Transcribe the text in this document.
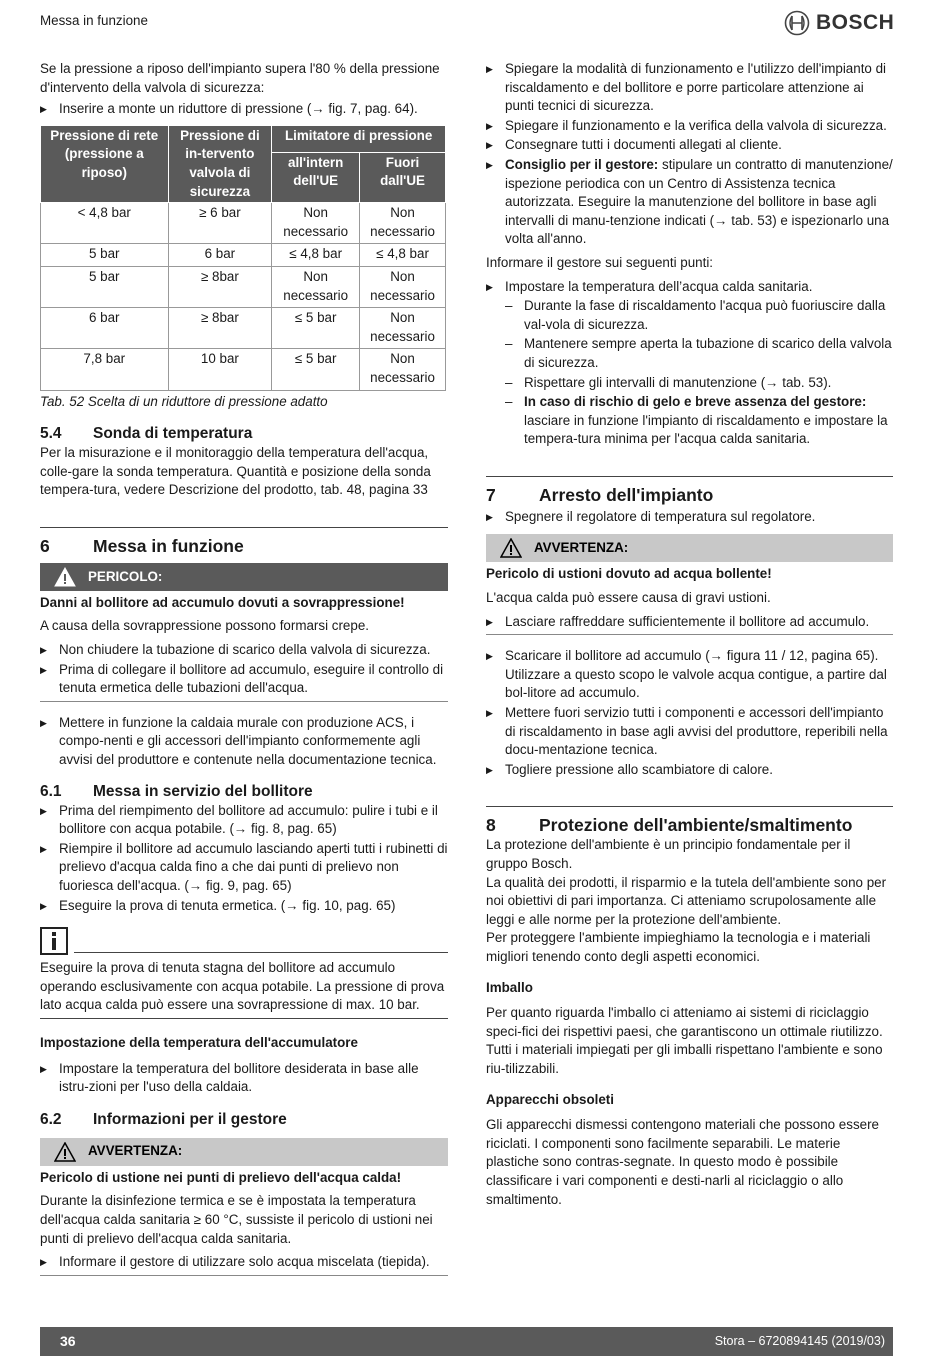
Messa in funzione	BOSCH

Se la pressione a riposo dell'impianto supera l'80 % della pressione d'intervento della valvola di sicurezza:

▶ Inserire a monte un riduttore di pressione (→ fig. 7, pag. 64).

Pressione di rete (pressione a riposo)	Pressione di in-tervento valvola di sicurezza	Limitatore di pressione	
		all'intern dell'UE	Fuori dall'UE
< 4,8 bar	≥ 6 bar	Non necessario	Non necessario
5 bar	6 bar	≤ 4,8 bar	≤ 4,8 bar
5 bar	≥ 8bar	Non necessario	Non necessario
6 bar	≥ 8bar	≤ 5 bar	Non necessario
7,8 bar	10 bar	≤ 5 bar	Non necessario

Tab. 52 Scelta di un riduttore di pressione adatto

5.4 Sonda di temperatura

Per la misurazione e il monitoraggio della temperatura dell'acqua, colle-gare la sonda temperatura. Quantità e posizione della sonda tempera-tura, vedere Descrizione del prodotto, tab. 48, pagina 33

6 Messa in funzione
PERICOLO:

Danni al bollitore ad accumulo dovuti a sovrappressione!

A causa della sovrappressione possono formarsi crepe.

▶ Non chiudere la tubazione di scarico della valvola di sicurezza.

▶ Prima di collegare il bollitore ad accumulo, eseguire il controllo di tenuta ermetica delle tubazioni dell'acqua.

▶ Mettere in funzione la caldaia murale con produzione ACS, i compo-nenti e gli accessori dell'impianto conformemente agli avvisi del produttore e contenute nella documentazione tecnica.

6.1 Messa in servizio del bollitore

▶ Prima del riempimento del bollitore ad accumulo: pulire i tubi e il bollitore con acqua potabile. (→ fig. 8, pag. 65)

▶ Riempire il bollitore ad accumulo lasciando aperti tutti i rubinetti di prelievo d'acqua calda fino a che dai punti di prelievo non fuoriesca dell'acqua. (→ fig. 9, pag. 65)

▶ Eseguire la prova di tenuta ermetica. (→ fig. 10, pag. 65)

Eseguire la prova di tenuta stagna del bollitore ad accumulo operando esclusivamente con acqua potabile. La pressione di prova lato acqua calda può essere una sovrapressione di max. 10 bar.

Impostazione della temperatura dell'accumulatore

▶ Impostare la temperatura del bollitore desiderata in base alle istru-zioni per l'uso della caldaia.

6.2 Informazioni per il gestore
AVVERTENZA:

Pericolo di ustione nei punti di prelievo dell'acqua calda!

Durante la disinfezione termica e se è impostata la temperatura dell'acqua calda sanitaria ≥ 60 °C, sussiste il pericolo di ustioni nei punti di prelievo dell'acqua calda sanitaria.

▶ Informare il gestore di utilizzare solo acqua miscelata (tiepida).

▶ Spiegare la modalità di funzionamento e l'utilizzo dell'impianto di riscaldamento e del bollitore e porre particolare attenzione ai punti tecnici di sicurezza.

▶ Spiegare il funzionamento e la verifica della valvola di sicurezza.

▶ Consegnare tutti i documenti allegati al cliente.

▶ Consiglio per il gestore: stipulare un contratto di manutenzione/ ispezione periodica con un Centro di Assistenza tecnica autorizzata. Eseguire la manutenzione del bollitore in base agli intervalli di manu-tenzione indicati (→ tab. 53) e ispezionarlo una volta all'anno.

Informare il gestore sui seguenti punti:

▶ Impostare la temperatura dell’acqua calda sanitaria.

– Durante la fase di riscaldamento l'acqua può fuoriuscire dalla val-vola di sicurezza.

– Mantenere sempre aperta la tubazione di scarico della valvola di sicurezza.

– Rispettare gli intervalli di manutenzione (→ tab. 53).

– In caso di rischio di gelo e breve assenza del gestore: lasciare in funzione l'impianto di riscaldamento e impostare la tempera-tura minima per l'acqua calda sanitaria.

7 Arresto dell'impianto

▶ Spegnere il regolatore di temperatura sul regolatore.

AVVERTENZA:

Pericolo di ustioni dovuto ad acqua bollente!

L'acqua calda può essere causa di gravi ustioni.

▶ Lasciare raffreddare sufficientemente il bollitore ad accumulo.

▶ Scaricare il bollitore ad accumulo (→ figura 11 / 12, pagina 65). Utilizzare a questo scopo le valvole acqua contigue, a partire dal bol-litore ad accumulo.

▶ Mettere fuori servizio tutti i componenti e accessori dell'impianto di riscaldamento in base agli avvisi del produttore, reperibili nella docu-mentazione tecnica.

▶ Togliere pressione allo scambiatore di calore.

8 Protezione dell'ambiente/smaltimento

La protezione dell'ambiente è un principio fondamentale per il gruppo Bosch.

La qualità dei prodotti, il risparmio e la tutela dell'ambiente sono per noi obiettivi di pari importanza. Ci atteniamo scrupolosamente alle leggi e alle norme per la protezione dell'ambiente.

Per proteggere l'ambiente impieghiamo la tecnologia e i materiali migliori tenendo conto degli aspetti economici.

Imballo

Per quanto riguarda l'imballo ci atteniamo ai sistemi di riciclaggio speci-fici dei rispettivi paesi, che garantiscono un ottimale riutilizzo.

Tutti i materiali impiegati per gli imballi rispettano l'ambiente e sono riu-tilizzabili.

Apparecchi obsoleti

Gli apparecchi dismessi contengono materiali che possono essere riciclati. I componenti sono facilmente separabili. Le materie plastiche sono contras-segnate. In questo modo è possibile classificare i vari componenti e desti-narli al riciclaggio o allo smaltimento.

36	Stora – 6720894145 (2019/03)
